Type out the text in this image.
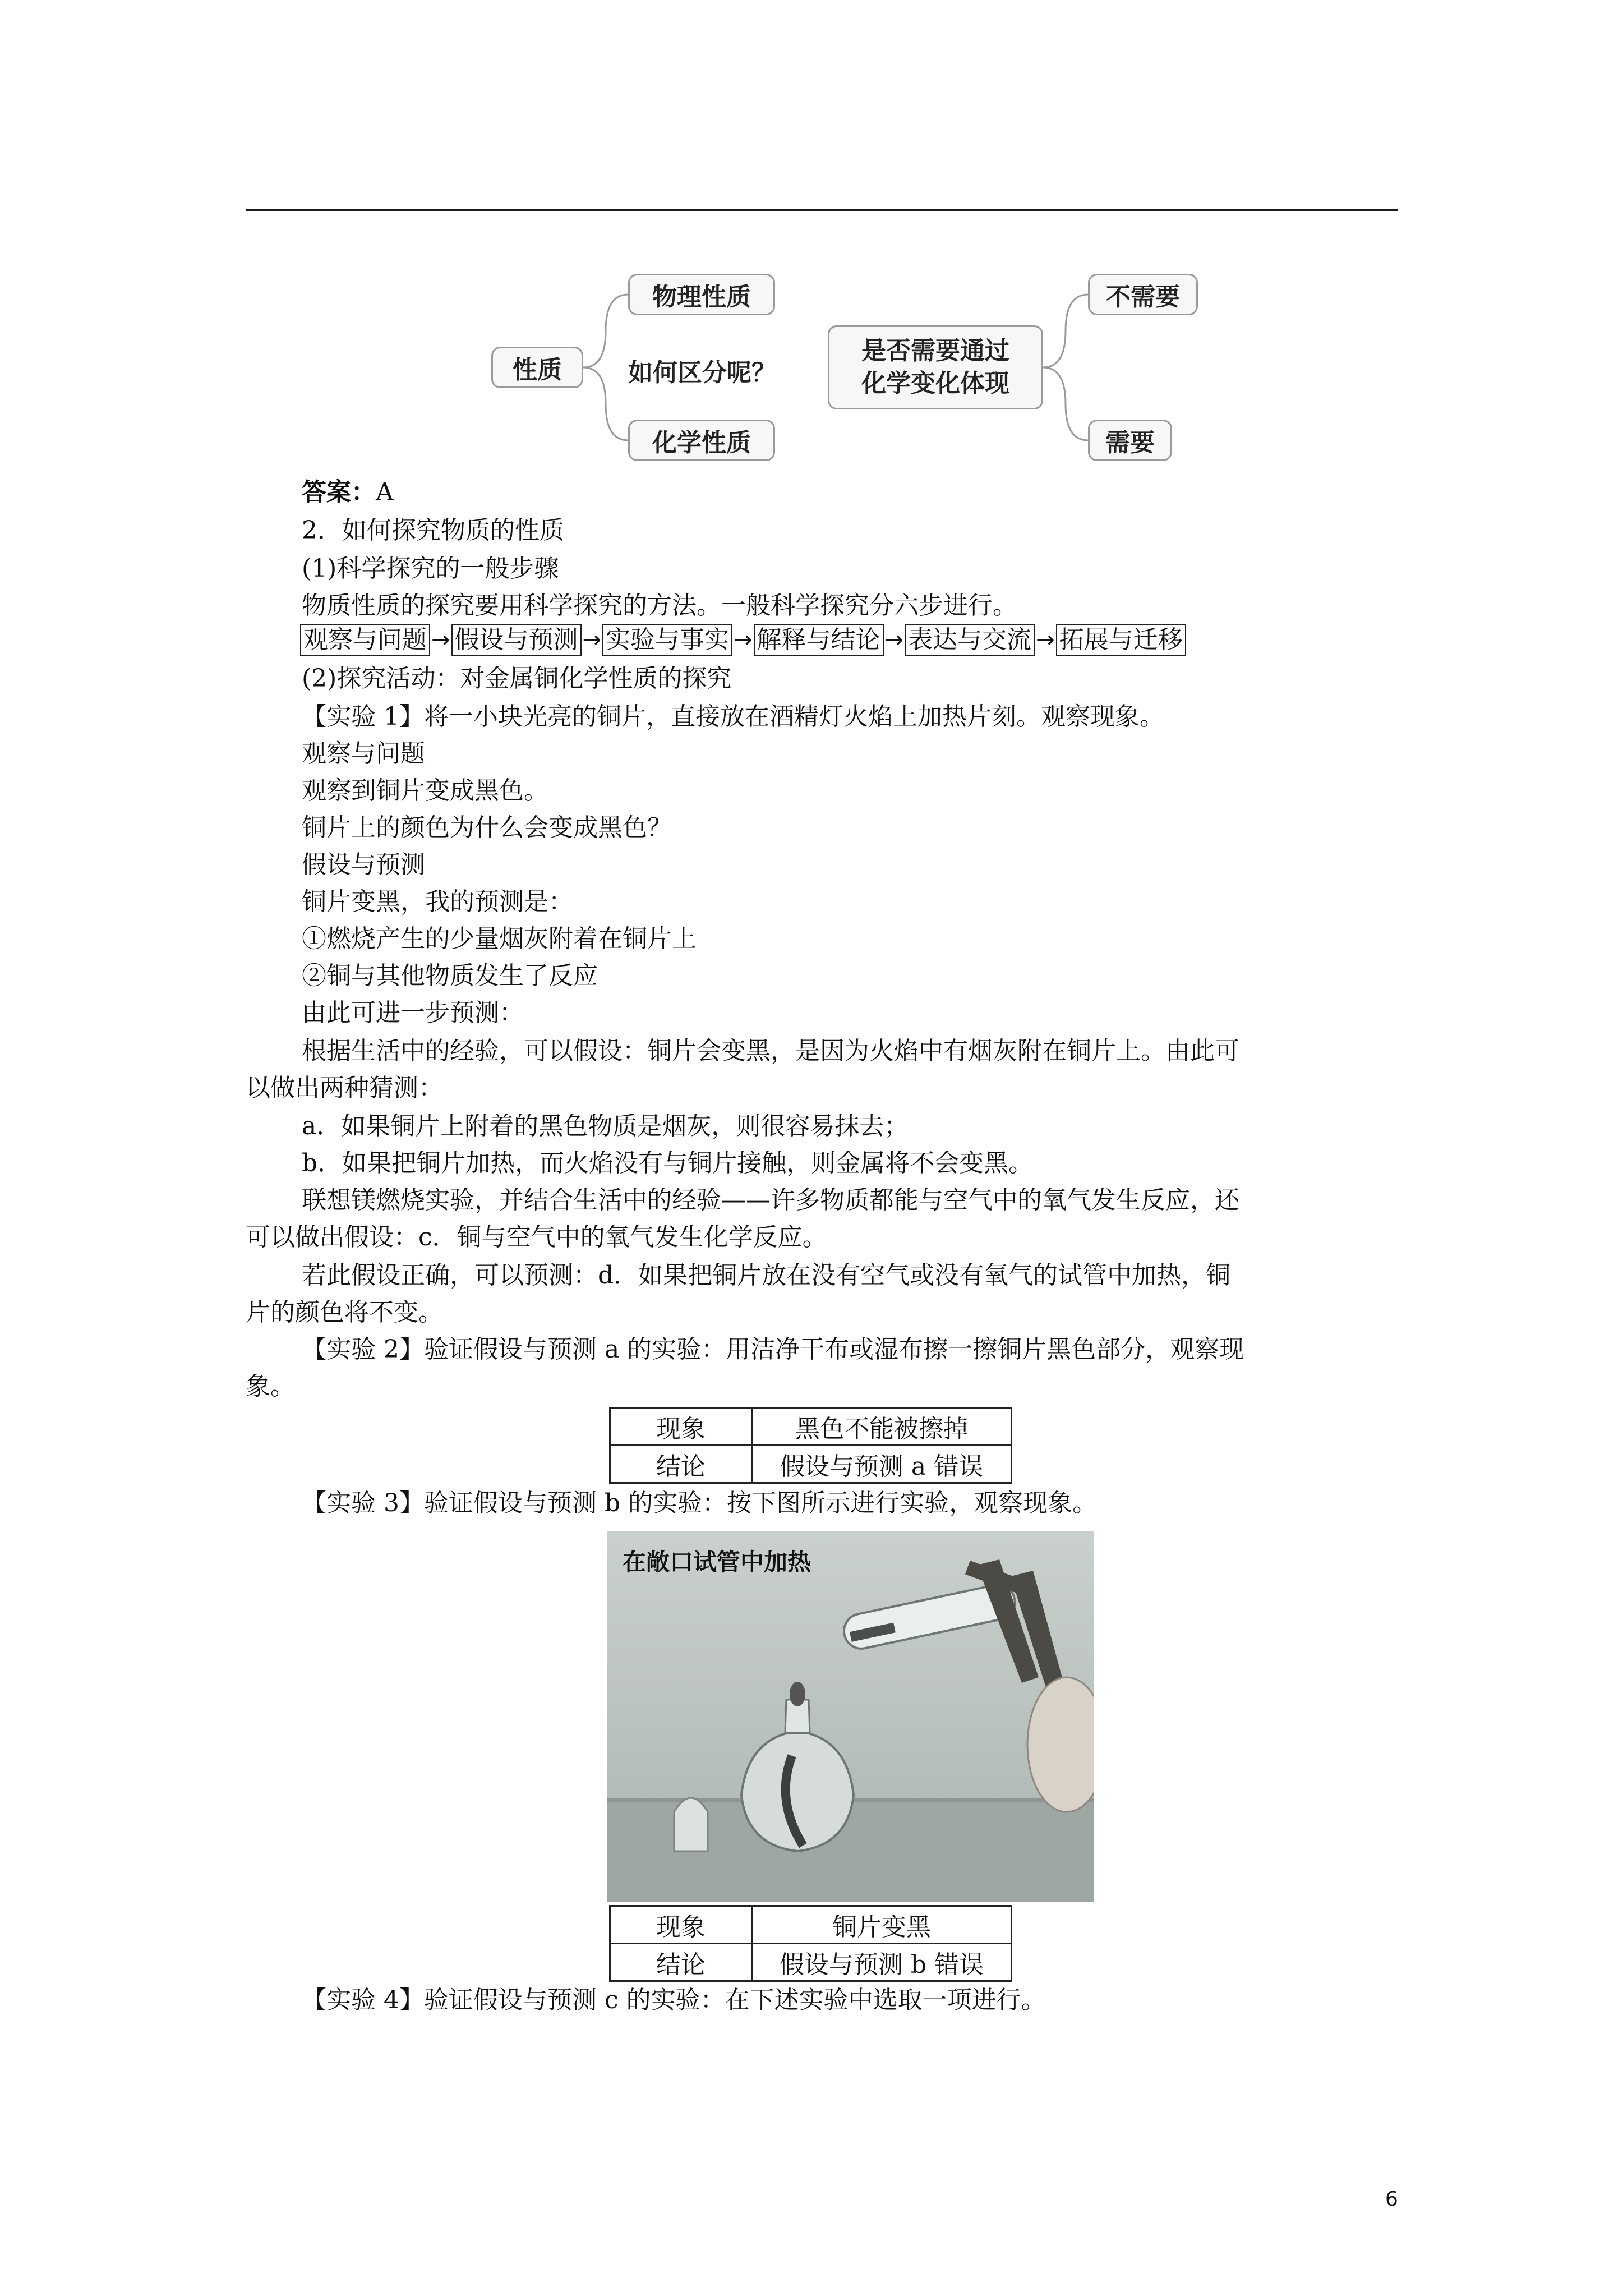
性质
物理性质
如何区分呢？
化学性质
是否需要通过
化学变化体现
不需要
需要
答案：A
2．如何探究物质的性质
(1)科学探究的一般步骤
物质性质的探究要用科学探究的方法。一般科学探究分六步进行。
观察与问题 → 假设与预测 → 实验与事实 → 解释与结论 → 表达与交流 → 拓展与迁移
(2)探究活动：对金属铜化学性质的探究
【实验 1】将一小块光亮的铜片，直接放在酒精灯火焰上加热片刻。观察现象。
观察与问题
观察到铜片变成黑色。
铜片上的颜色为什么会变成黑色？
假设与预测
铜片变黑，我的预测是：
①燃烧产生的少量烟灰附着在铜片上
②铜与其他物质发生了反应
由此可进一步预测：
根据生活中的经验，可以假设：铜片会变黑，是因为火焰中有烟灰附在铜片上。由此可
以做出两种猜测：
a．如果铜片上附着的黑色物质是烟灰，则很容易抹去；
b．如果把铜片加热，而火焰没有与铜片接触，则金属将不会变黑。
联想镁燃烧实验，并结合生活中的经验——许多物质都能与空气中的氧气发生反应，还
可以做出假设：c．铜与空气中的氧气发生化学反应。
若此假设正确，可以预测：d．如果把铜片放在没有空气或没有氧气的试管中加热，铜
片的颜色将不变。
【实验 2】验证假设与预测 a 的实验：用洁净干布或湿布擦一擦铜片黑色部分，观察现
象。
现象	黑色不能被擦掉
结论	假设与预测 a 错误
【实验 3】验证假设与预测 b 的实验：按下图所示进行实验，观察现象。
在敞口试管中加热
现象	铜片变黑
结论	假设与预测 b 错误
【实验 4】验证假设与预测 c 的实验：在下述实验中选取一项进行。
6
